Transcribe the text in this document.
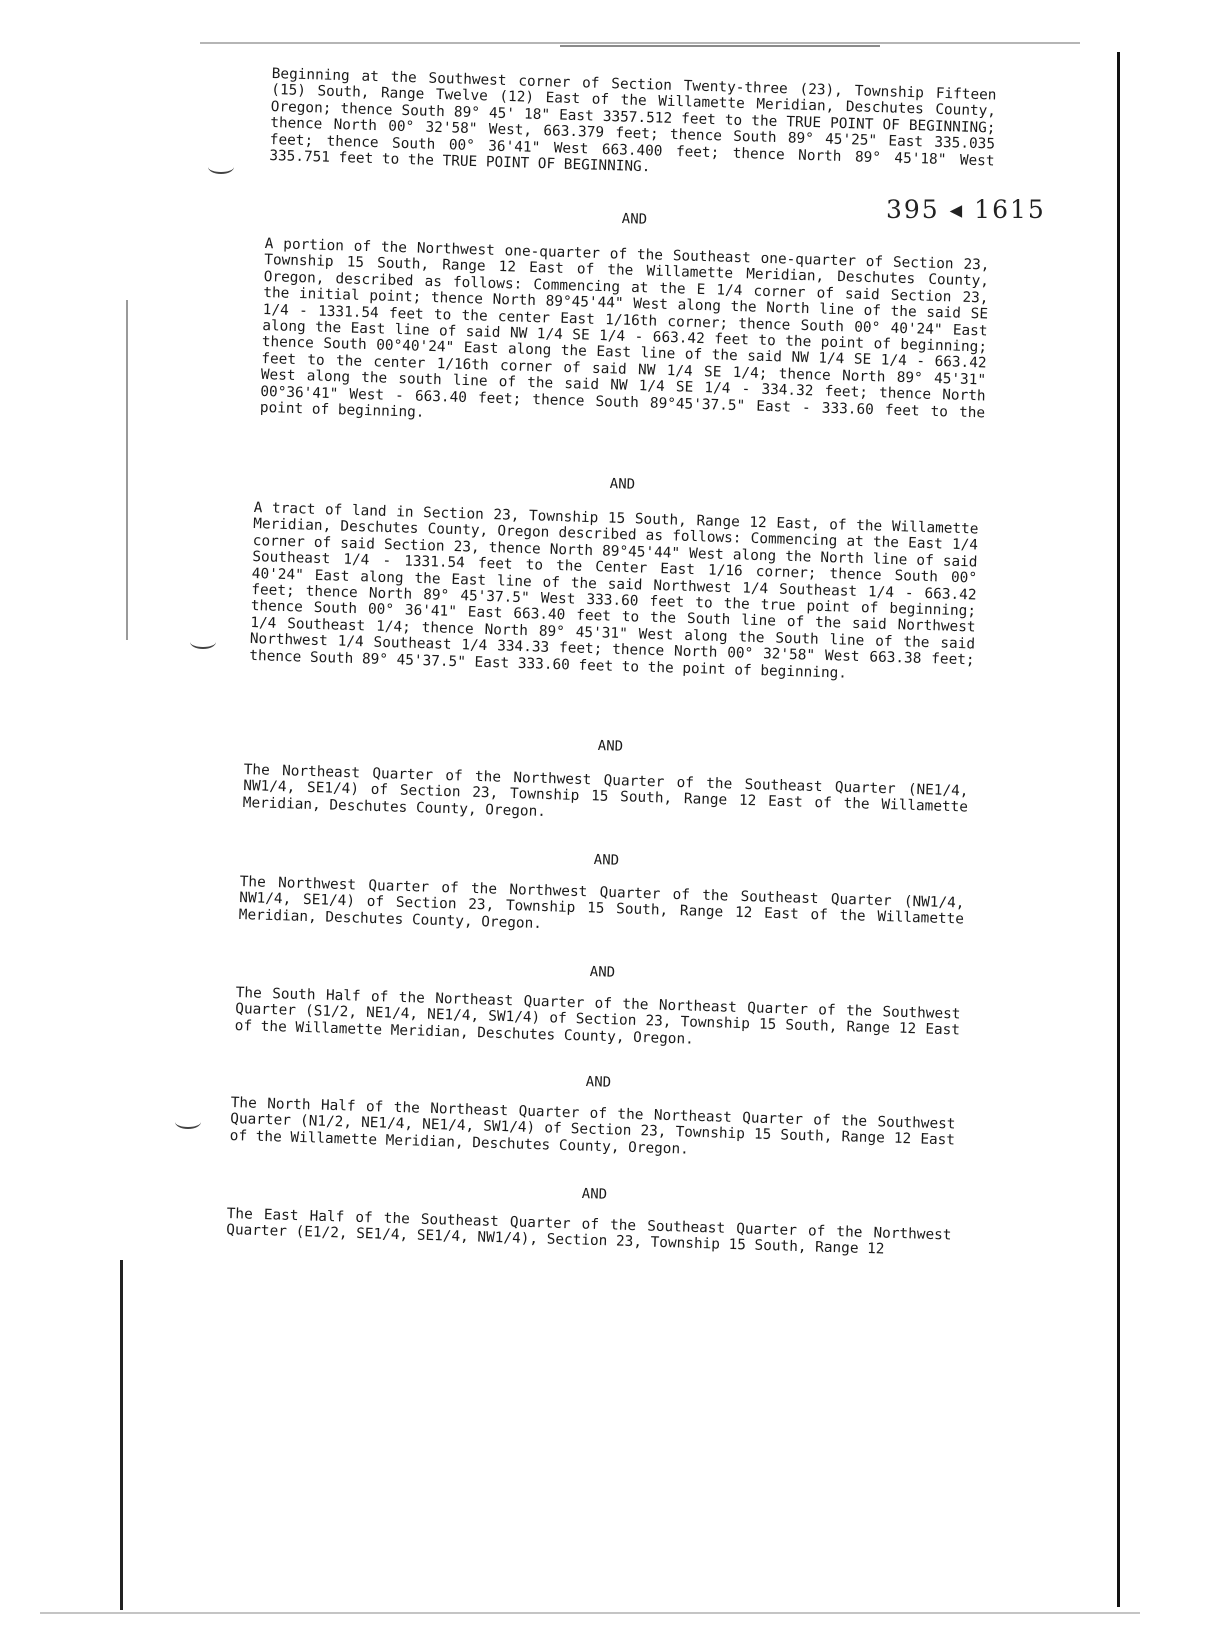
395 ◂ 1615

Beginning at the Southwest corner of Section Twenty-three (23), Township Fifteen (15) South, Range Twelve (12) East of the Willamette Meridian, Deschutes County, Oregon; thence South 89° 45' 18" East 3357.512 feet to the TRUE POINT OF BEGINNING; thence North 00° 32'58" West, 663.379 feet; thence South 89° 45'25" East 335.035 feet; thence South 00° 36'41" West 663.400 feet; thence North 89° 45'18" West 335.751 feet to the TRUE POINT OF BEGINNING.

AND

A portion of the Northwest one-quarter of the Southeast one-quarter of Section 23, Township 15 South, Range 12 East of the Willamette Meridian, Deschutes County, Oregon, described as follows: Commencing at the E 1/4 corner of said Section 23, the initial point; thence North 89°45'44" West along the North line of the said SE 1/4 - 1331.54 feet to the center East 1/16th corner; thence South 00° 40'24" East along the East line of said NW 1/4 SE 1/4 - 663.42 feet to the point of beginning; thence South 00°40'24" East along the East line of the said NW 1/4 SE 1/4 - 663.42 feet to the center 1/16th corner of said NW 1/4 SE 1/4; thence North 89° 45'31" West along the south line of the said NW 1/4 SE 1/4 - 334.32 feet; thence North 00°36'41" West - 663.40 feet; thence South 89°45'37.5" East - 333.60 feet to the point of beginning.

AND

A tract of land in Section 23, Township 15 South, Range 12 East, of the Willamette Meridian, Deschutes County, Oregon described as follows: Commencing at the East 1/4 corner of said Section 23, thence North 89°45'44" West along the North line of said Southeast 1/4 - 1331.54 feet to the Center East 1/16 corner; thence South 00° 40'24" East along the East line of the said Northwest 1/4 Southeast 1/4 - 663.42 feet; thence North 89° 45'37.5" West 333.60 feet to the true point of beginning; thence South 00° 36'41" East 663.40 feet to the South line of the said Northwest 1/4 Southeast 1/4; thence North 89° 45'31" West along the South line of the said Northwest 1/4 Southeast 1/4 334.33 feet; thence North 00° 32'58" West 663.38 feet; thence South 89° 45'37.5" East 333.60 feet to the point of beginning.

AND

The Northeast Quarter of the Northwest Quarter of the Southeast Quarter (NE1/4, NW1/4, SE1/4) of Section 23, Township 15 South, Range 12 East of the Willamette Meridian, Deschutes County, Oregon.

AND

The Northwest Quarter of the Northwest Quarter of the Southeast Quarter (NW1/4, NW1/4, SE1/4) of Section 23, Township 15 South, Range 12 East of the Willamette Meridian, Deschutes County, Oregon.

AND

The South Half of the Northeast Quarter of the Northeast Quarter of the Southwest Quarter (S1/2, NE1/4, NE1/4, SW1/4) of Section 23, Township 15 South, Range 12 East of the Willamette Meridian, Deschutes County, Oregon.

AND

The North Half of the Northeast Quarter of the Northeast Quarter of the Southwest Quarter (N1/2, NE1/4, NE1/4, SW1/4) of Section 23, Township 15 South, Range 12 East of the Willamette Meridian, Deschutes County, Oregon.

AND

The East Half of the Southeast Quarter of the Southeast Quarter of the Northwest Quarter (E1/2, SE1/4, SE1/4, NW1/4), Section 23, Township 15 South, Range 12
